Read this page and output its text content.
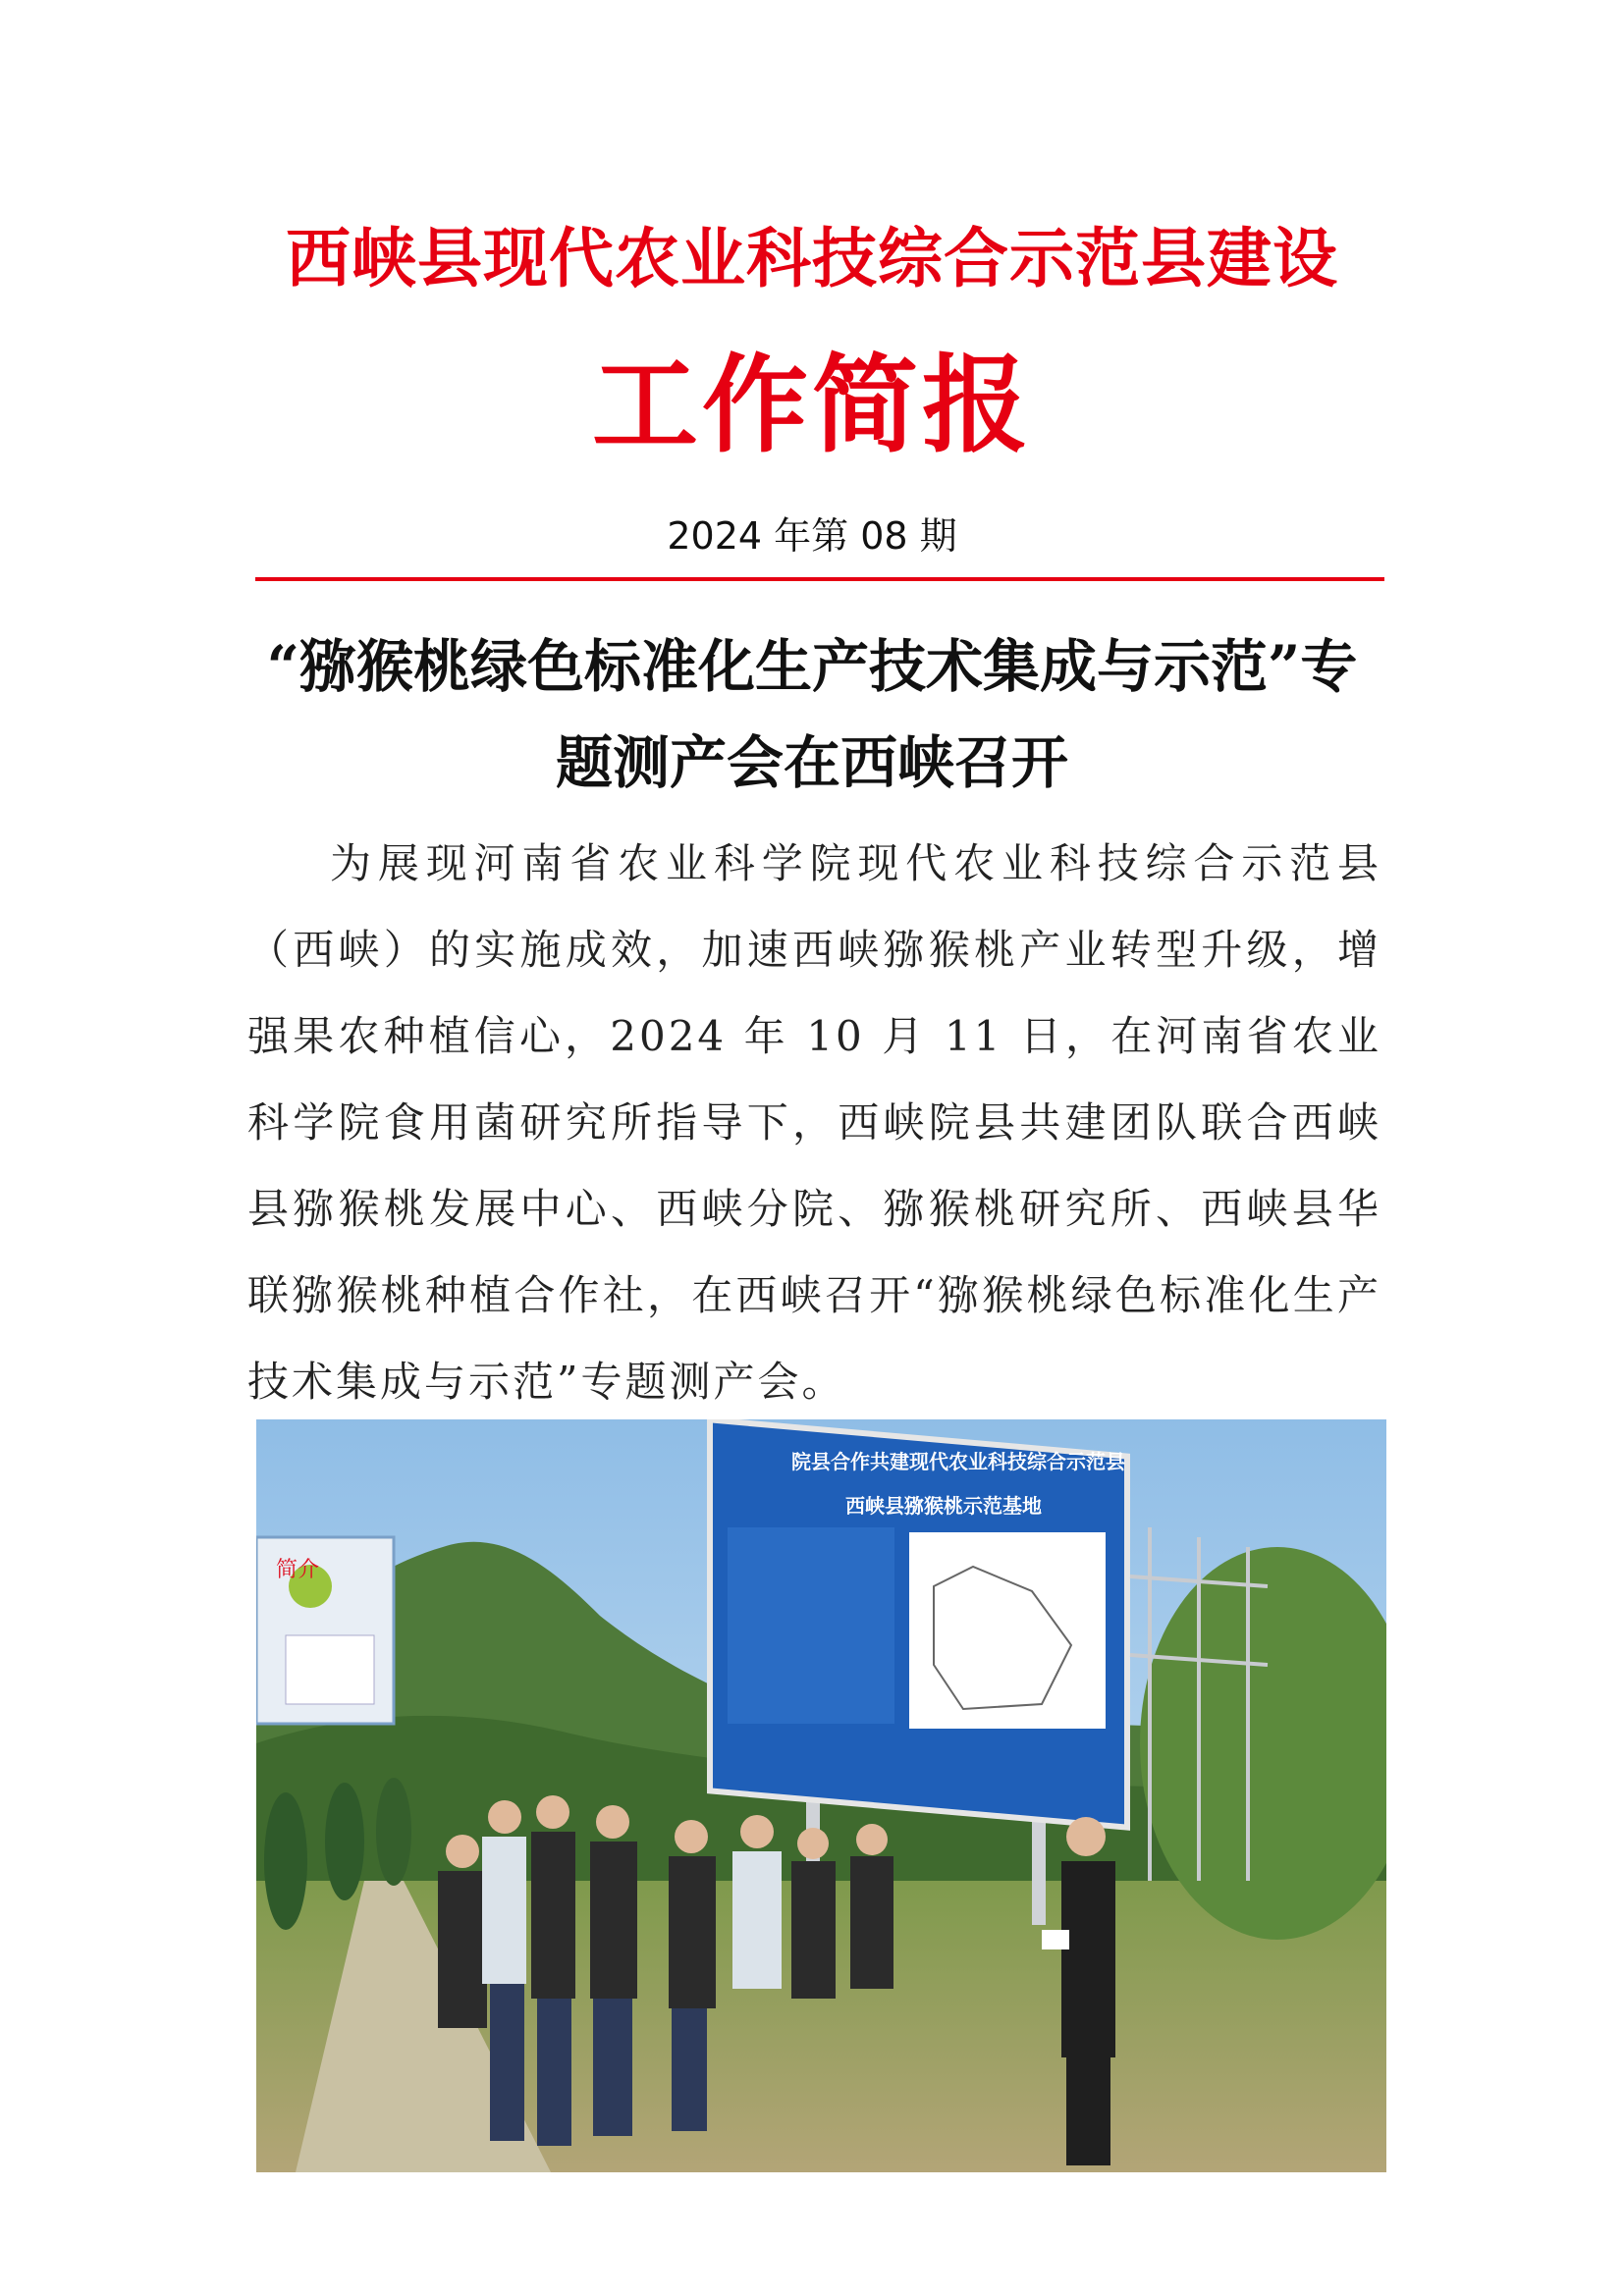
西峡县现代农业科技综合示范县建设
工作简报
2024 年第 08 期
“猕猴桃绿色标准化生产技术集成与示范”专题测产会在西峡召开

为展现河南省农业科学院现代农业科技综合示范县（西峡）的实施成效，加速西峡猕猴桃产业转型升级，增强果农种植信心，2024 年 10 月 11 日，在河南省农业科学院食用菌研究所指导下，西峡院县共建团队联合西峡县猕猴桃发展中心、西峡分院、猕猴桃研究所、西峡县华联猕猴桃种植合作社，在西峡召开“猕猴桃绿色标准化生产技术集成与示范”专题测产会。

简介
院县合作共建现代农业科技综合示范县
西峡县猕猴桃示范基地
